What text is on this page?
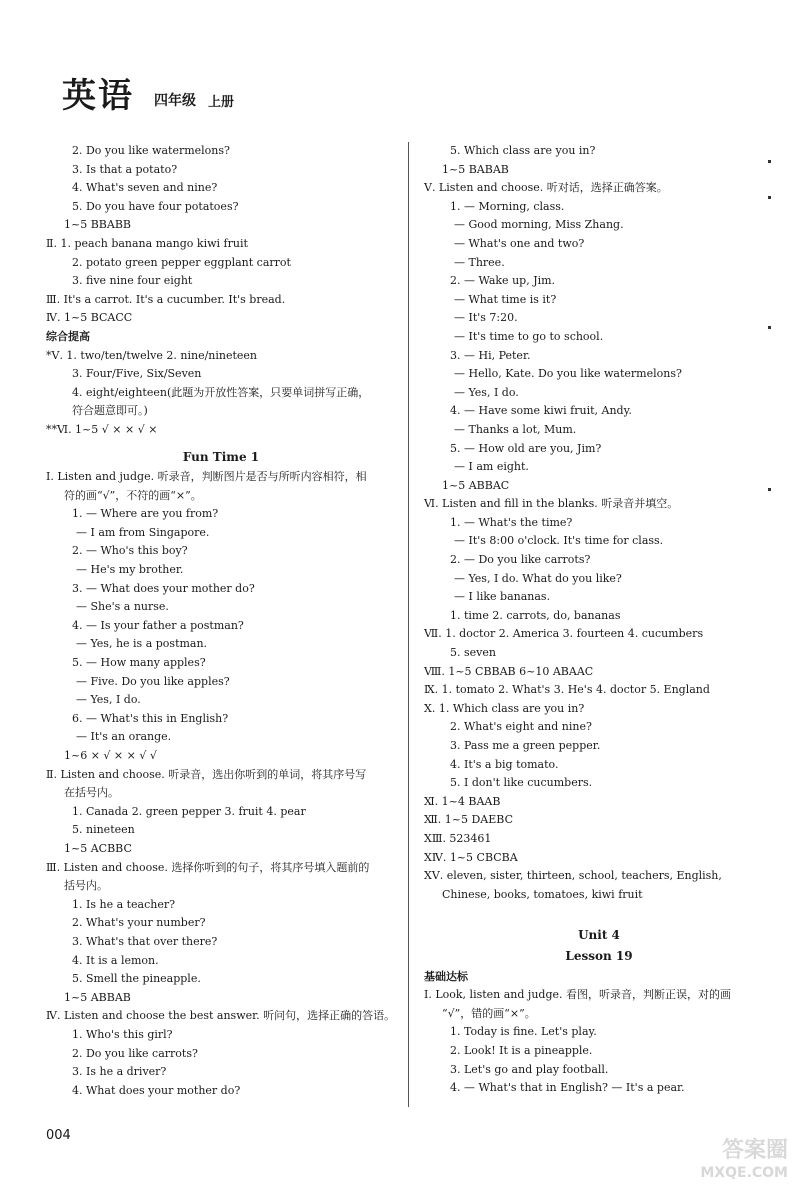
英语 四年级 上册
2. Do you like watermelons?
3. Is that a potato?
4. What's seven and nine?
5. Do you have four potatoes?
1~5 BBABB
Ⅱ. 1. peach banana mango kiwi fruit
2. potato green pepper eggplant carrot
3. five nine four eight
Ⅲ. It's a carrot. It's a cucumber. It's bread.
Ⅳ. 1~5 BCACC
综合提高
*Ⅴ. 1. two/ten/twelve 2. nine/nineteen
3. Four/Five, Six/Seven
4. eight/eighteen(此题为开放性答案，只要单词拼写正确，
符合题意即可。)
**Ⅵ. 1~5 √ × × √ ×
Fun Time 1
Ⅰ. Listen and judge. 听录音，判断图片是否与所听内容相符，相
符的画“√”，不符的画“×”。
1. — Where are you from?
— I am from Singapore.
2. — Who's this boy?
— He's my brother.
3. — What does your mother do?
— She's a nurse.
4. — Is your father a postman?
— Yes, he is a postman.
5. — How many apples?
— Five. Do you like apples?
— Yes, I do.
6. — What's this in English?
— It's an orange.
1~6 × √ × × √ √
Ⅱ. Listen and choose. 听录音，选出你听到的单词，将其序号写
在括号内。
1. Canada 2. green pepper 3. fruit 4. pear
5. nineteen
1~5 ACBBC
Ⅲ. Listen and choose. 选择你听到的句子，将其序号填入题前的
括号内。
1. Is he a teacher?
2. What's your number?
3. What's that over there?
4. It is a lemon.
5. Smell the pineapple.
1~5 ABBAB
Ⅳ. Listen and choose the best answer. 听问句，选择正确的答语。
1. Who's this girl?
2. Do you like carrots?
3. Is he a driver?
4. What does your mother do?
5. Which class are you in?
1~5 BABAB
Ⅴ. Listen and choose. 听对话，选择正确答案。
1. — Morning, class.
— Good morning, Miss Zhang.
— What's one and two?
— Three.
2. — Wake up, Jim.
— What time is it?
— It's 7:20.
— It's time to go to school.
3. — Hi, Peter.
— Hello, Kate. Do you like watermelons?
— Yes, I do.
4. — Have some kiwi fruit, Andy.
— Thanks a lot, Mum.
5. — How old are you, Jim?
— I am eight.
1~5 ABBAC
Ⅵ. Listen and fill in the blanks. 听录音并填空。
1. — What's the time?
— It's 8:00 o'clock. It's time for class.
2. — Do you like carrots?
— Yes, I do. What do you like?
— I like bananas.
1. time 2. carrots, do, bananas
Ⅶ. 1. doctor 2. America 3. fourteen 4. cucumbers
5. seven
Ⅷ. 1~5 CBBAB 6~10 ABAAC
Ⅸ. 1. tomato 2. What's 3. He's 4. doctor 5. England
Ⅹ. 1. Which class are you in?
2. What's eight and nine?
3. Pass me a green pepper.
4. It's a big tomato.
5. I don't like cucumbers.
Ⅺ. 1~4 BAAB
Ⅻ. 1~5 DAEBC
ⅩⅢ. 523461
ⅩⅣ. 1~5 CBCBA
ⅩⅤ. eleven, sister, thirteen, school, teachers, English,
Chinese, books, tomatoes, kiwi fruit
Unit 4
Lesson 19
基础达标
Ⅰ. Look, listen and judge. 看图，听录音，判断正误，对的画
“√”，错的画“×”。
1. Today is fine. Let's play.
2. Look! It is a pineapple.
3. Let's go and play football.
4. — What's that in English? — It's a pear.
004
答案圈
MXQE.COM
